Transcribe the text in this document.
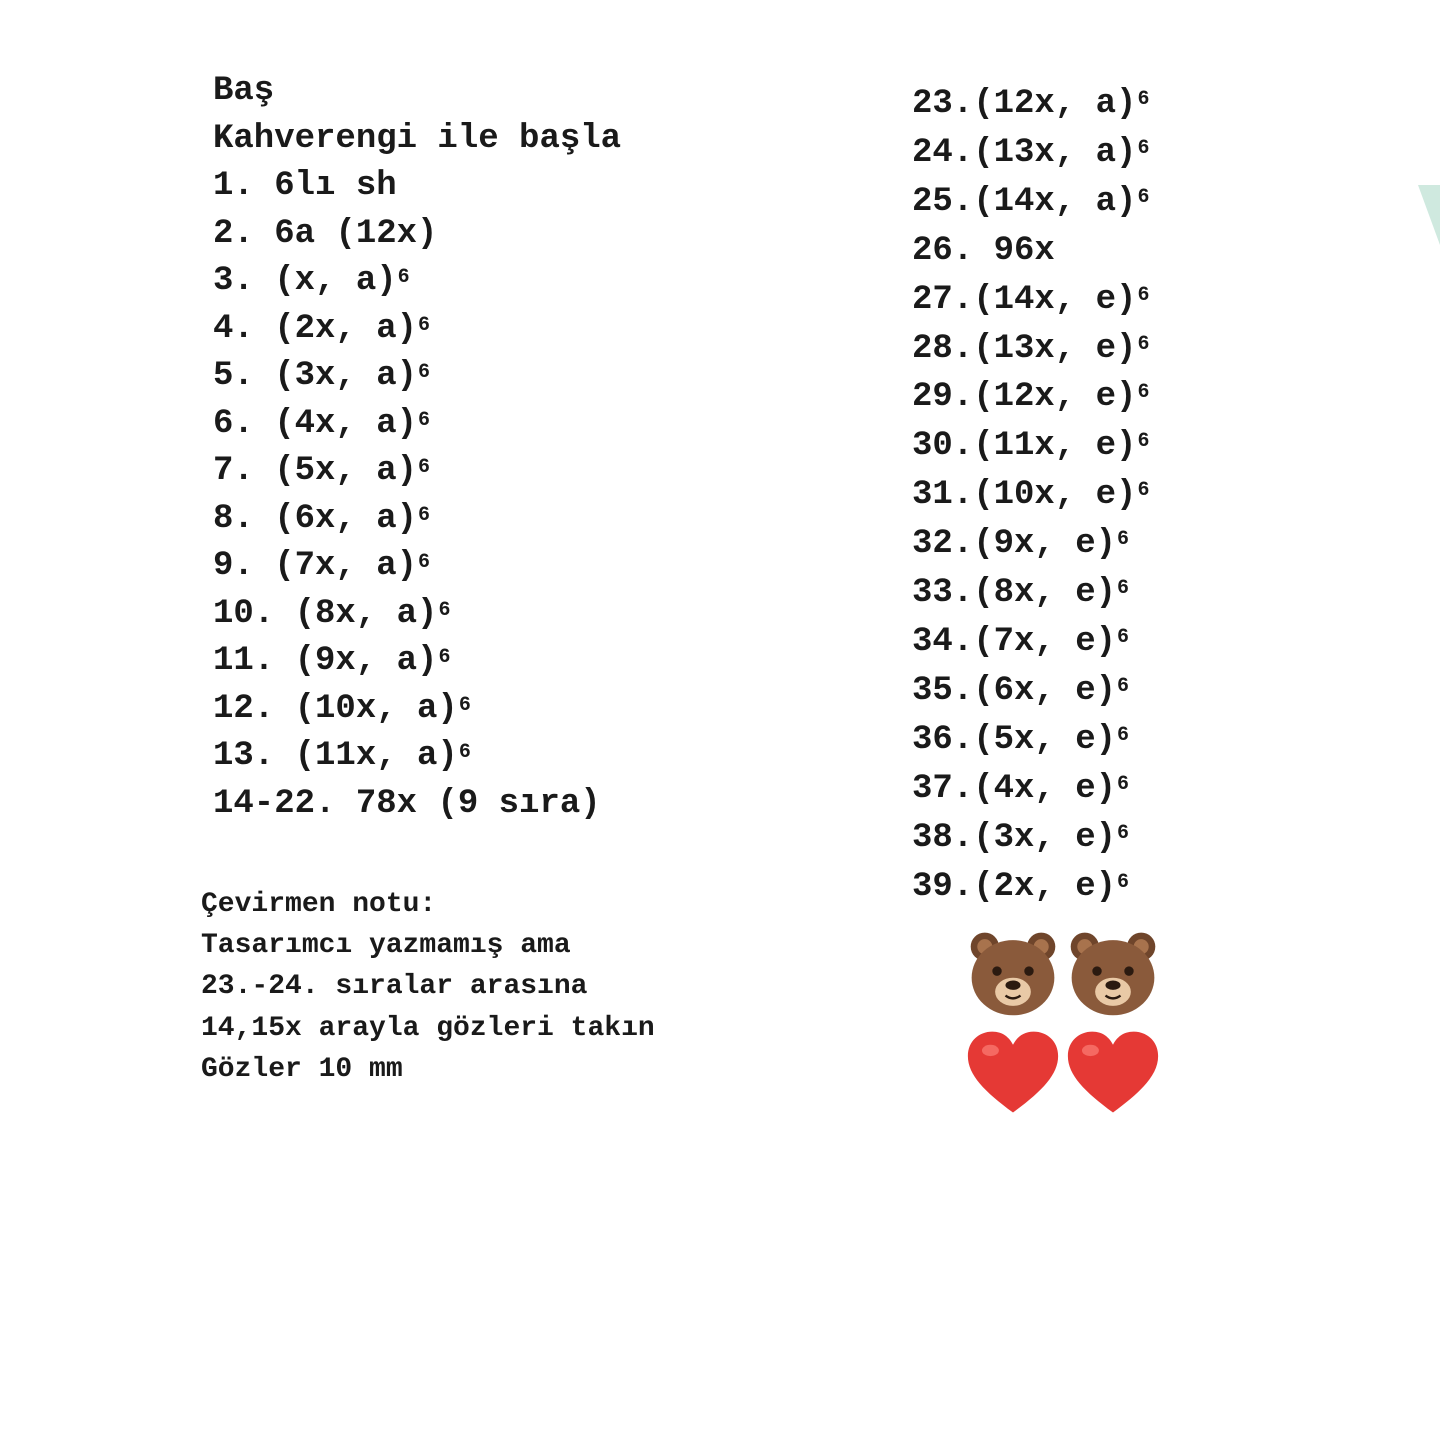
Baş
Kahverengi ile başla
1. 6lı sh
2. 6a (12x)
3. (x, a)$^6$
4. (2x, a)$^6$
5. (3x, a)$^6$
6. (4x, a)$^6$
7. (5x, a)$^6$
8. (6x, a)$^6$
9. (7x, a)$^6$
10. (8x, a)$^6$
11. (9x, a)$^6$
12. (10x, a)$^6$
13. (11x, a)$^6$
14-22. 78x (9 sıra)
23.(12x, a)$^6$
24.(13x, a)$^6$
25.(14x, a)$^6$
26. 96x
27.(14x, e)$^6$
28.(13x, e)$^6$
29.(12x, e)$^6$
30.(11x, e)$^6$
31.(10x, e)$^6$
32.(9x, e)$^6$
33.(8x, e)$^6$
34.(7x, e)$^6$
35.(6x, e)$^6$
36.(5x, e)$^6$
37.(4x, e)$^6$
38.(3x, e)$^6$
39.(2x, e)$^6$
Çevirmen notu:
Tasarımcı yazmamış ama
23.-24. sıralar arasına
14,15x arayla gözleri takın
Gözler 10 mm
